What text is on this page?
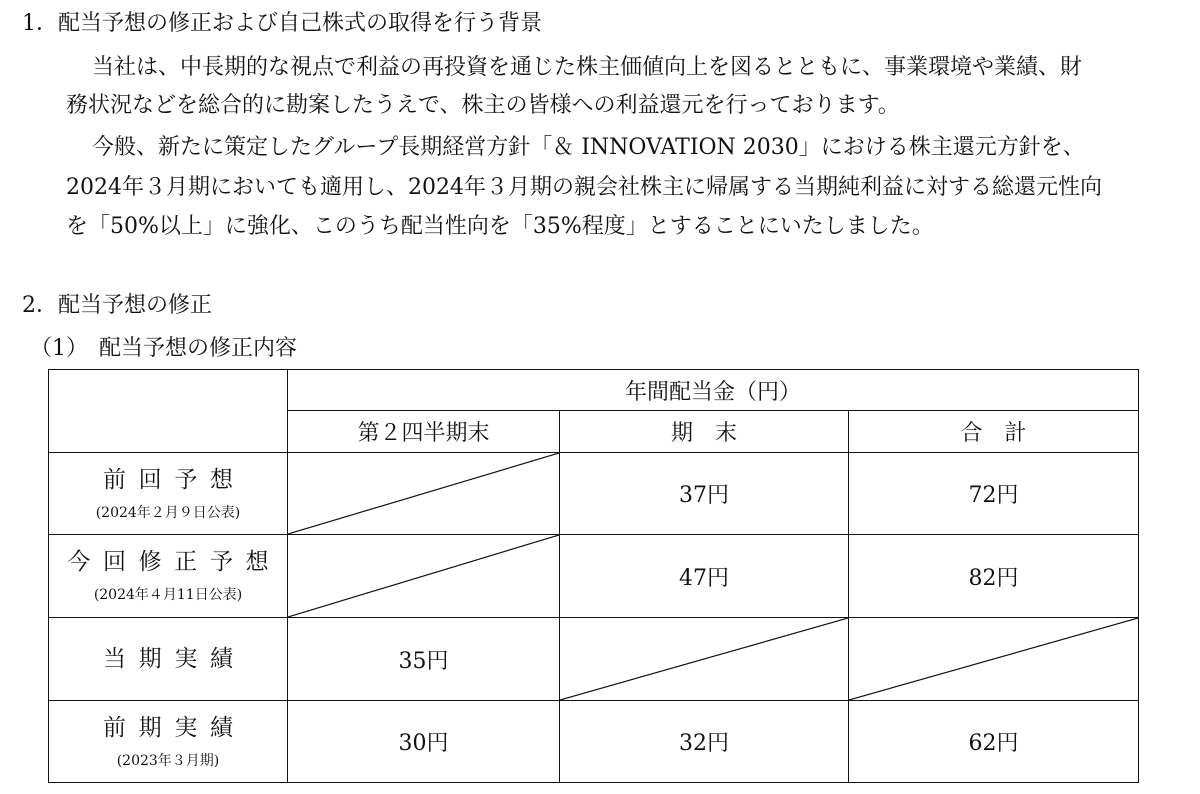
1．配当予想の修正および自己株式の取得を行う背景
当社は、中長期的な視点で利益の再投資を通じた株主価値向上を図るとともに、事業環境や業績、財
務状況などを総合的に勘案したうえで、株主の皆様への利益還元を行っております。
今般、新たに策定したグループ長期経営方針「＆ INNOVATION 2030」における株主還元方針を、
2024年３月期においても適用し、2024年３月期の親会社株主に帰属する当期純利益に対する総還元性向
を「50%以上」に強化、このうち配当性向を「35%程度」とすることにいたしました。
2．配当予想の修正
（1）　配当予想の修正内容
	年間配当金（円）		
	第２四半期末	期　末	合　計

前回予想
(2024年２月９日公表)		37円	72円

今回修正予想
(2024年４月11日公表)		47円	82円

当期実績	35円	

前期実績
(2023年３月期)	30円	32円	62円
